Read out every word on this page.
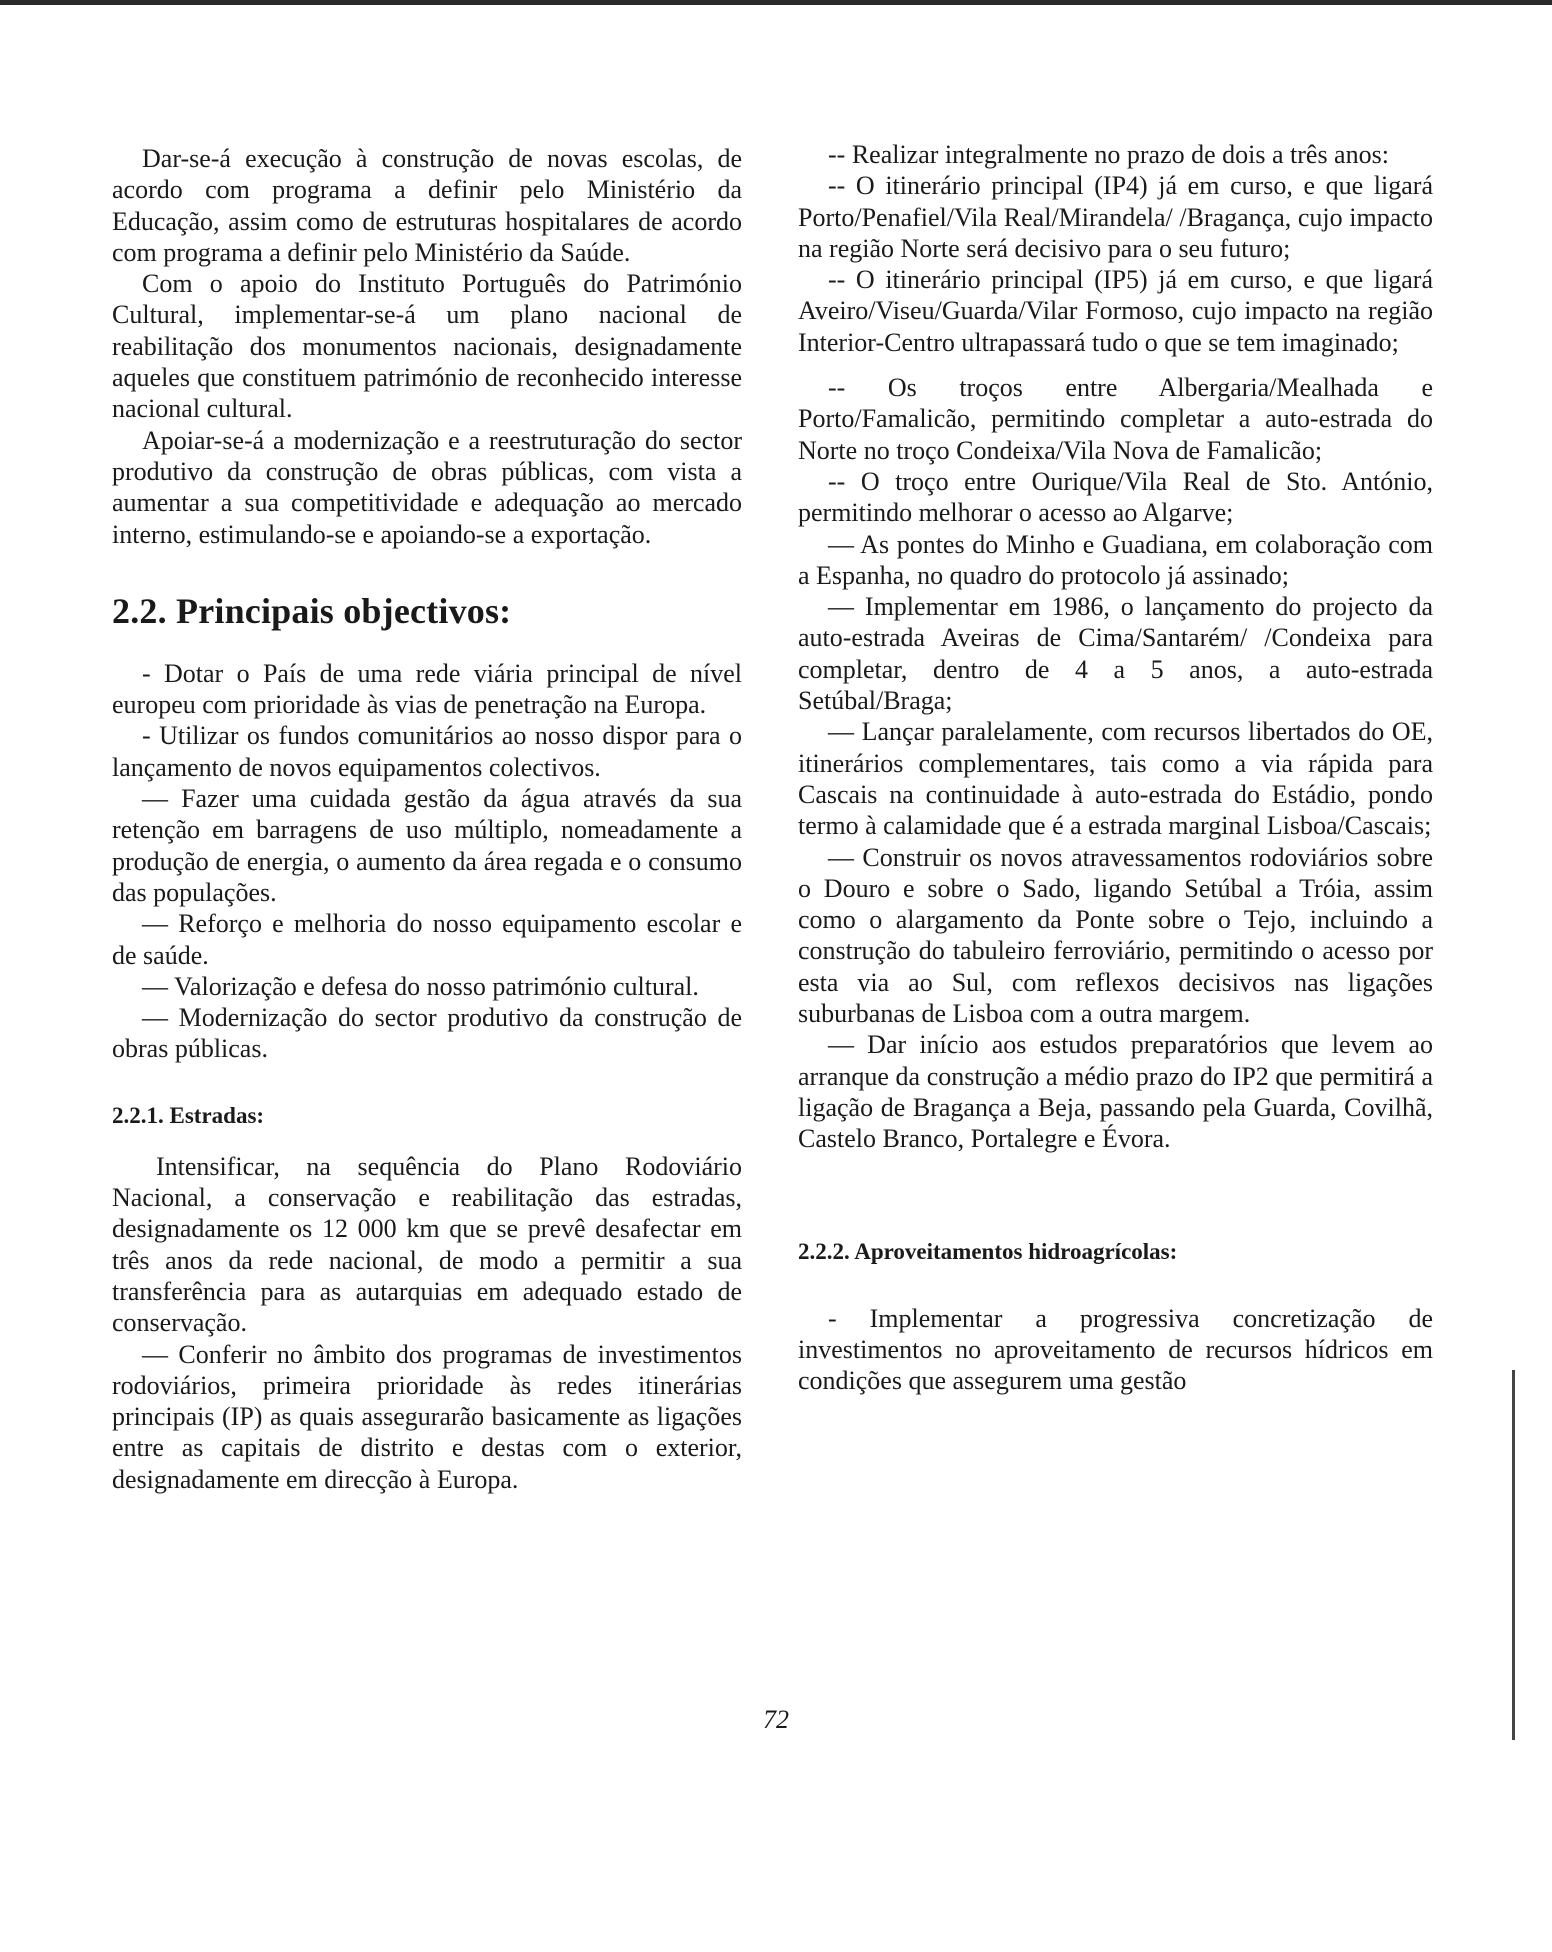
Dar-se-á execução à construção de novas escolas, de acordo com programa a definir pelo Ministério da Educação, assim como de estruturas hospitalares de acordo com programa a definir pelo Ministério da Saúde.

Com o apoio do Instituto Português do Património Cultural, implementar-se-á um plano nacional de reabilitação dos monumentos nacionais, designadamente aqueles que constituem património de reconhecido interesse nacional cultural.

Apoiar-se-á a modernização e a reestruturação do sector produtivo da construção de obras públicas, com vista a aumentar a sua competitividade e adequação ao mercado interno, estimulando-se e apoiando-se a exportação.

2.2. Principais objectivos:

- Dotar o País de uma rede viária principal de nível europeu com prioridade às vias de penetração na Europa.

- Utilizar os fundos comunitários ao nosso dispor para o lançamento de novos equipamentos colectivos.

— Fazer uma cuidada gestão da água através da sua retenção em barragens de uso múltiplo, nomeadamente a produção de energia, o aumento da área regada e o consumo das populações.

— Reforço e melhoria do nosso equipamento escolar e de saúde.

— Valorização e defesa do nosso património cultural.

— Modernização do sector produtivo da construção de obras públicas.

2.2.1. Estradas:

Intensificar, na sequência do Plano Rodoviário Nacional, a conservação e reabilitação das estradas, designadamente os 12 000 km que se prevê desafectar em três anos da rede nacional, de modo a permitir a sua transferência para as autarquias em adequado estado de conservação.

— Conferir no âmbito dos programas de investimentos rodoviários, primeira prioridade às redes itinerárias principais (IP) as quais assegurarão basicamente as ligações entre as capitais de distrito e destas com o exterior, designadamente em direcção à Europa.

-- Realizar integralmente no prazo de dois a três anos:

-- O itinerário principal (IP4) já em curso, e que ligará Porto/Penafiel/Vila Real/Mirandela/ /Bragança, cujo impacto na região Norte será decisivo para o seu futuro;

-- O itinerário principal (IP5) já em curso, e que ligará Aveiro/Viseu/Guarda/Vilar Formoso, cujo impacto na região Interior-Centro ultrapassará tudo o que se tem imaginado;

-- Os troços entre Albergaria/Mealhada e Porto/Famalicão, permitindo completar a auto-estrada do Norte no troço Condeixa/Vila Nova de Famalicão;

-- O troço entre Ourique/Vila Real de Sto. António, permitindo melhorar o acesso ao Algarve;

— As pontes do Minho e Guadiana, em colaboração com a Espanha, no quadro do protocolo já assinado;

— Implementar em 1986, o lançamento do projecto da auto-estrada Aveiras de Cima/Santarém/ /Condeixa para completar, dentro de 4 a 5 anos, a auto-estrada Setúbal/Braga;

— Lançar paralelamente, com recursos libertados do OE, itinerários complementares, tais como a via rápida para Cascais na continuidade à auto-estrada do Estádio, pondo termo à calamidade que é a estrada marginal Lisboa/Cascais;

— Construir os novos atravessamentos rodoviários sobre o Douro e sobre o Sado, ligando Setúbal a Tróia, assim como o alargamento da Ponte sobre o Tejo, incluindo a construção do tabuleiro ferroviário, permitindo o acesso por esta via ao Sul, com reflexos decisivos nas ligações suburbanas de Lisboa com a outra margem.

— Dar início aos estudos preparatórios que levem ao arranque da construção a médio prazo do IP2 que permitirá a ligação de Bragança a Beja, passando pela Guarda, Covilhã, Castelo Branco, Portalegre e Évora.

2.2.2. Aproveitamentos hidroagrícolas:

- Implementar a progressiva concretização de investimentos no aproveitamento de recursos hídricos em condições que assegurem uma gestão

72
